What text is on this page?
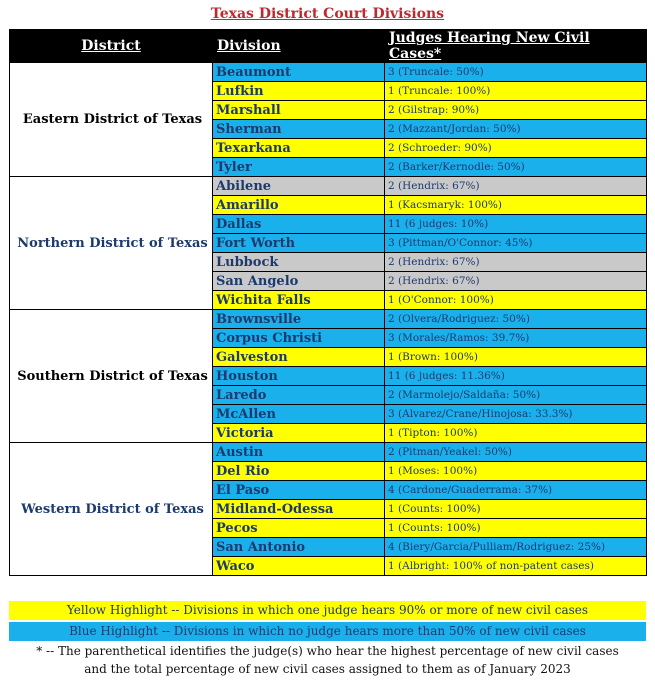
Texas District Court Divisions
District	Division	Judges Hearing New Civil Cases*
Eastern District of Texas	Beaumont	3 (Truncale: 50%)
	Lufkin	1 (Truncale: 100%)
	Marshall	2 (Gilstrap: 90%)
	Sherman	2 (Mazzant/Jordan: 50%)
	Texarkana	2 (Schroeder: 90%)
	Tyler	2 (Barker/Kernodle: 50%)
Northern District of Texas	Abilene	2 (Hendrix: 67%)
	Amarillo	1 (Kacsmaryk: 100%)
	Dallas	11 (6 judges: 10%)
	Fort Worth	3 (Pittman/O'Connor: 45%)
	Lubbock	2 (Hendrix: 67%)
	San Angelo	2 (Hendrix: 67%)
	Wichita Falls	1 (O'Connor: 100%)
Southern District of Texas	Brownsville	2 (Olvera/Rodriguez: 50%)
	Corpus Christi	3 (Morales/Ramos: 39.7%)
	Galveston	1 (Brown: 100%)
	Houston	11 (6 judges: 11.36%)
	Laredo	2 (Marmolejo/Saldaña: 50%)
	McAllen	3 (Alvarez/Crane/Hinojosa: 33.3%)
	Victoria	1 (Tipton: 100%)
Western District of Texas	Austin	2 (Pitman/Yeakel: 50%)
	Del Rio	1 (Moses: 100%)
	El Paso	4 (Cardone/Guaderrama: 37%)
	Midland-Odessa	1 (Counts: 100%)
	Pecos	1 (Counts: 100%)
	San Antonio	4 (Biery/Garcia/Pulliam/Rodriguez: 25%)
	Waco	1 (Albright: 100% of non-patent cases)
Yellow Highlight -- Divisions in which one judge hears 90% or more of new civil cases
Blue Highlight -- Divisions in which no judge hears more than 50% of new civil cases
* -- The parenthetical identifies the judge(s) who hear the highest percentage of new civil cases
and the total percentage of new civil cases assigned to them as of January 2023
